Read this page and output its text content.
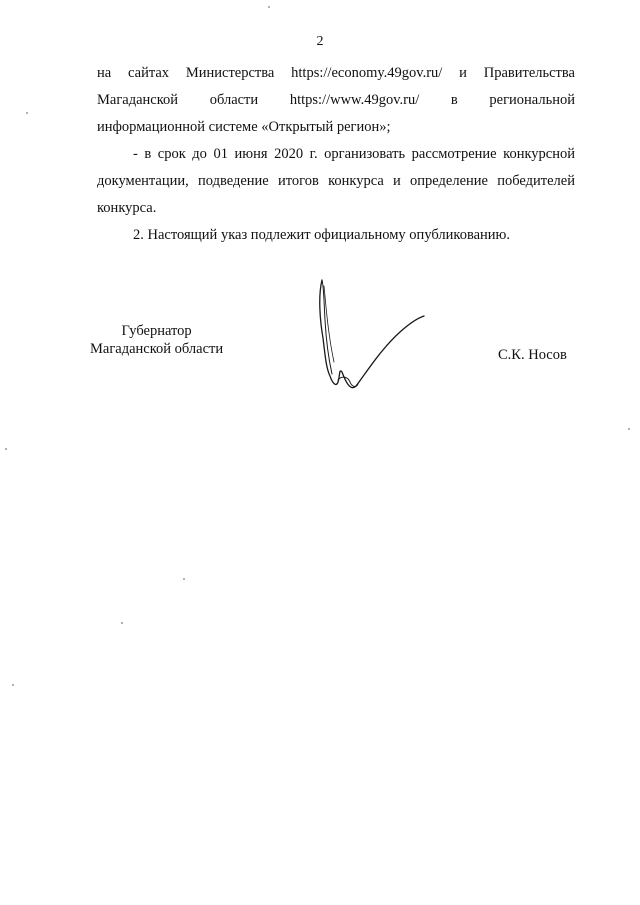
2
на сайтах Министерства https://economy.49gov.ru/ и Правительства
Магаданской области https://www.49gov.ru/ в региональной

информационной системе «Открытый регион»;

- в срок до 01 июня 2020 г. организовать рассмотрение конкурсной документации, подведение итогов конкурса и определение победителей конкурса.

2. Настоящий указ подлежит официальному опубликованию.

Губернатор
Магаданской области	С.К. Носов
